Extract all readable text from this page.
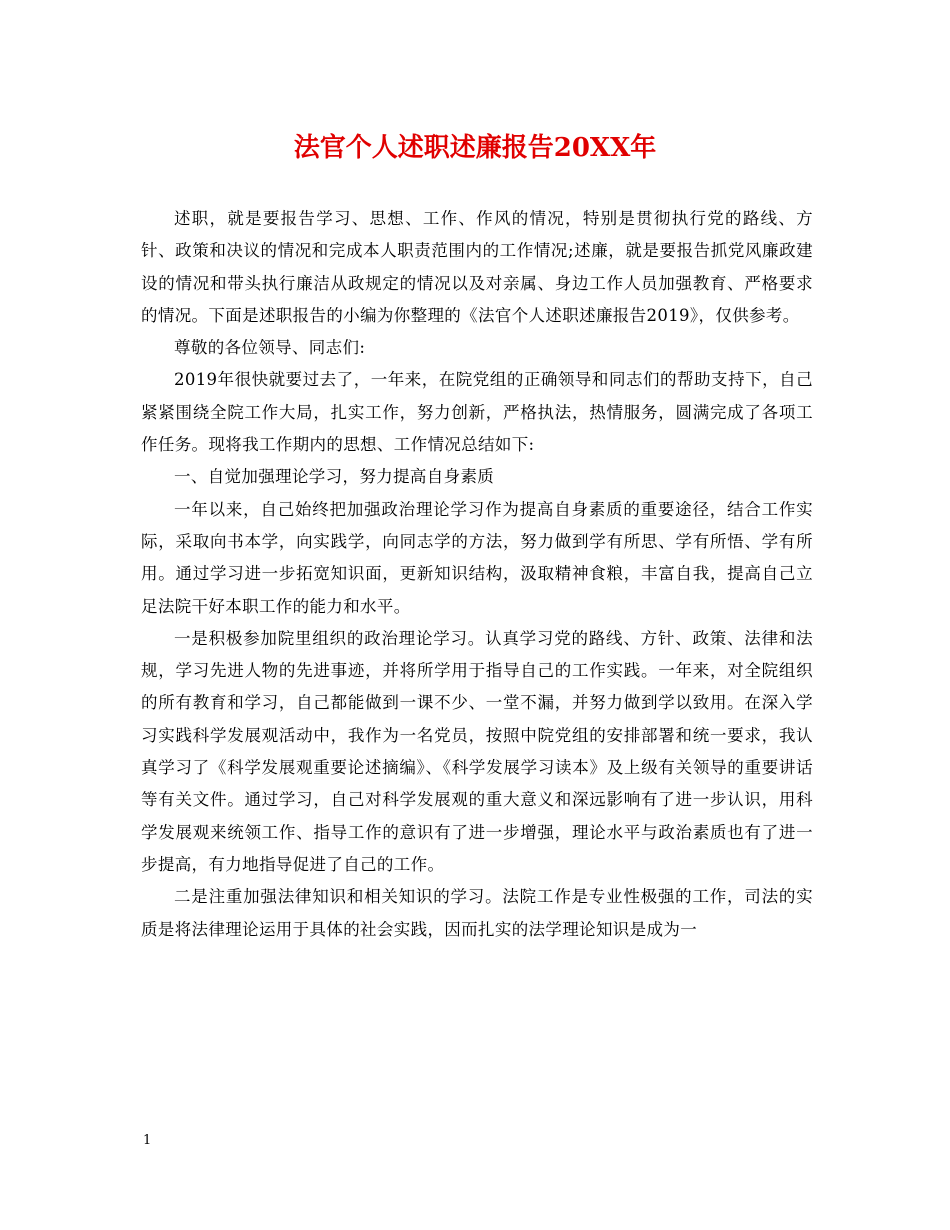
法官个人述职述廉报告20XX年

述职，就是要报告学习、思想、工作、作风的情况，特别是贯彻执行党的路线、方针、政策和决议的情况和完成本人职责范围内的工作情况;述廉，就是要报告抓党风廉政建设的情况和带头执行廉洁从政规定的情况以及对亲属、身边工作人员加强教育、严格要求的情况。下面是述职报告的小编为你整理的《法官个人述职述廉报告2019》，仅供参考。

尊敬的各位领导、同志们:

2019年很快就要过去了，一年来，在院党组的正确领导和同志们的帮助支持下，自己紧紧围绕全院工作大局，扎实工作，努力创新，严格执法，热情服务，圆满完成了各项工作任务。现将我工作期内的思想、工作情况总结如下:

一、自觉加强理论学习，努力提高自身素质

一年以来，自己始终把加强政治理论学习作为提高自身素质的重要途径，结合工作实际，采取向书本学，向实践学，向同志学的方法，努力做到学有所思、学有所悟、学有所用。通过学习进一步拓宽知识面，更新知识结构，汲取精神食粮，丰富自我，提高自己立足法院干好本职工作的能力和水平。

一是积极参加院里组织的政治理论学习。认真学习党的路线、方针、政策、法律和法规，学习先进人物的先进事迹，并将所学用于指导自己的工作实践。一年来，对全院组织的所有教育和学习，自己都能做到一课不少、一堂不漏，并努力做到学以致用。在深入学习实践科学发展观活动中，我作为一名党员，按照中院党组的安排部署和统一要求，我认真学习了《科学发展观重要论述摘编》、《科学发展学习读本》及上级有关领导的重要讲话等有关文件。通过学习，自己对科学发展观的重大意义和深远影响有了进一步认识，用科学发展观来统领工作、指导工作的意识有了进一步增强，理论水平与政治素质也有了进一步提高，有力地指导促进了自己的工作。

二是注重加强法律知识和相关知识的学习。法院工作是专业性极强的工作，司法的实质是将法律理论运用于具体的社会实践，因而扎实的法学理论知识是成为一

1
